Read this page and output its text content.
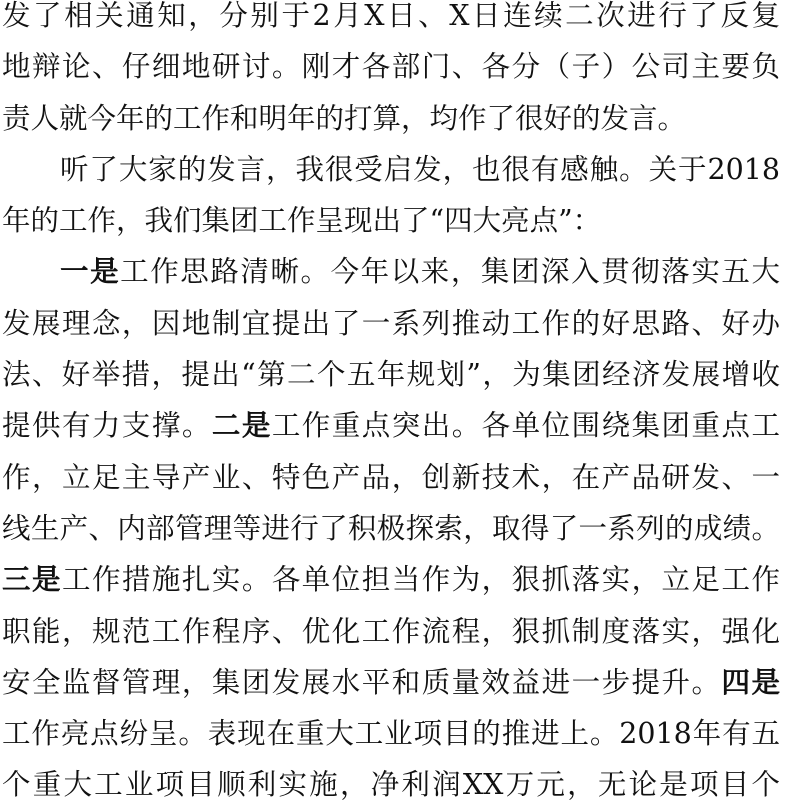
发了相关通知，分别于2月X日、X日连续二次进行了反复
地辩论、仔细地研讨。刚才各部门、各分（子）公司主要负
责人就今年的工作和明年的打算，均作了很好的发言。
听了大家的发言，我很受启发，也很有感触。关于2018
年的工作，我们集团工作呈现出了“四大亮点”：
一是工作思路清晰。今年以来，集团深入贯彻落实五大
发展理念，因地制宜提出了一系列推动工作的好思路、好办
法、好举措，提出“第二个五年规划”，为集团经济发展增收
提供有力支撑。二是工作重点突出。各单位围绕集团重点工
作，立足主导产业、特色产品，创新技术，在产品研发、一
线生产、内部管理等进行了积极探索，取得了一系列的成绩。
三是工作措施扎实。各单位担当作为，狠抓落实，立足工作
职能，规范工作程序、优化工作流程，狠抓制度落实，强化
安全监督管理，集团发展水平和质量效益进一步提升。四是
工作亮点纷呈。表现在重大工业项目的推进上。2018年有五
个重大工业项目顺利实施，净利润XX万元，无论是项目个
